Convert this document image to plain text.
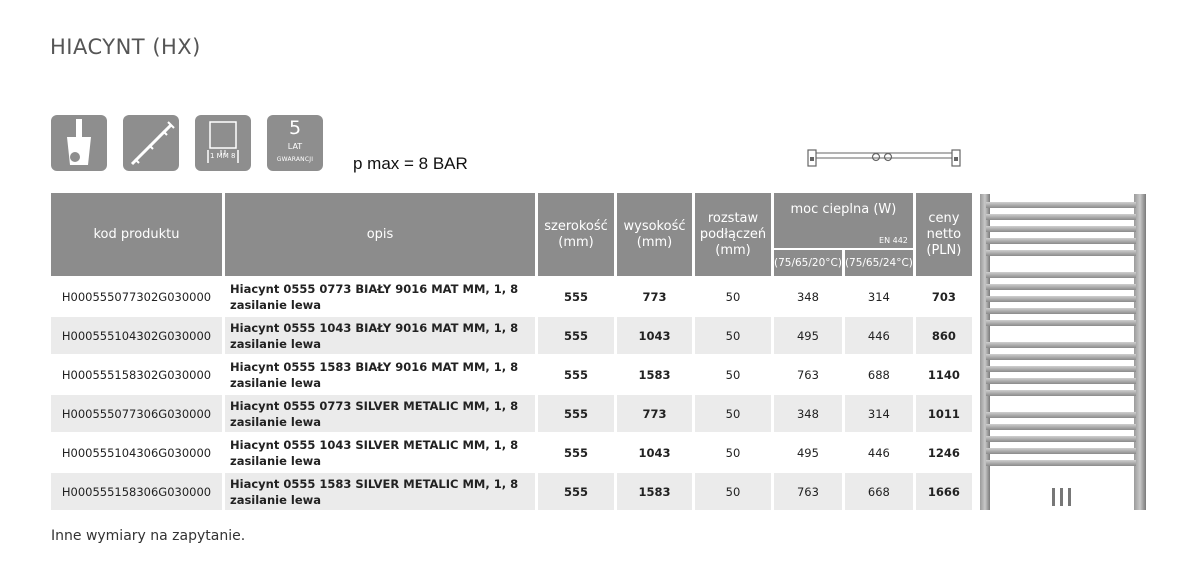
HIACYNT (HX)
1 MM 8
5
LAT
GWARANCJI	p max = 8 BAR
kod produktu	opis	szerokość (mm)	wysokość (mm)	rozstaw podłączeń (mm)	moc cieplna (W)
EN 442		ceny netto (PLN)
					(75/65/20°C)	(75/65/24°C)	
H000555077302G030000	Hiacynt 0555 0773 BIAŁY 9016 MAT MM, 1, 8
zasilanie lewa	555	773	50	348	314	703
H000555104302G030000	Hiacynt 0555 1043 BIAŁY 9016 MAT MM, 1, 8
zasilanie lewa	555	1043	50	495	446	860
H000555158302G030000	Hiacynt 0555 1583 BIAŁY 9016 MAT MM, 1, 8
zasilanie lewa	555	1583	50	763	688	1140
H000555077306G030000	Hiacynt 0555 0773 SILVER METALIC MM, 1, 8
zasilanie lewa	555	773	50	348	314	1011
H000555104306G030000	Hiacynt 0555 1043 SILVER METALIC MM, 1, 8
zasilanie lewa	555	1043	50	495	446	1246
H000555158306G030000	Hiacynt 0555 1583 SILVER METALIC MM, 1, 8
zasilanie lewa	555	1583	50	763	668	1666
Inne wymiary na zapytanie.
